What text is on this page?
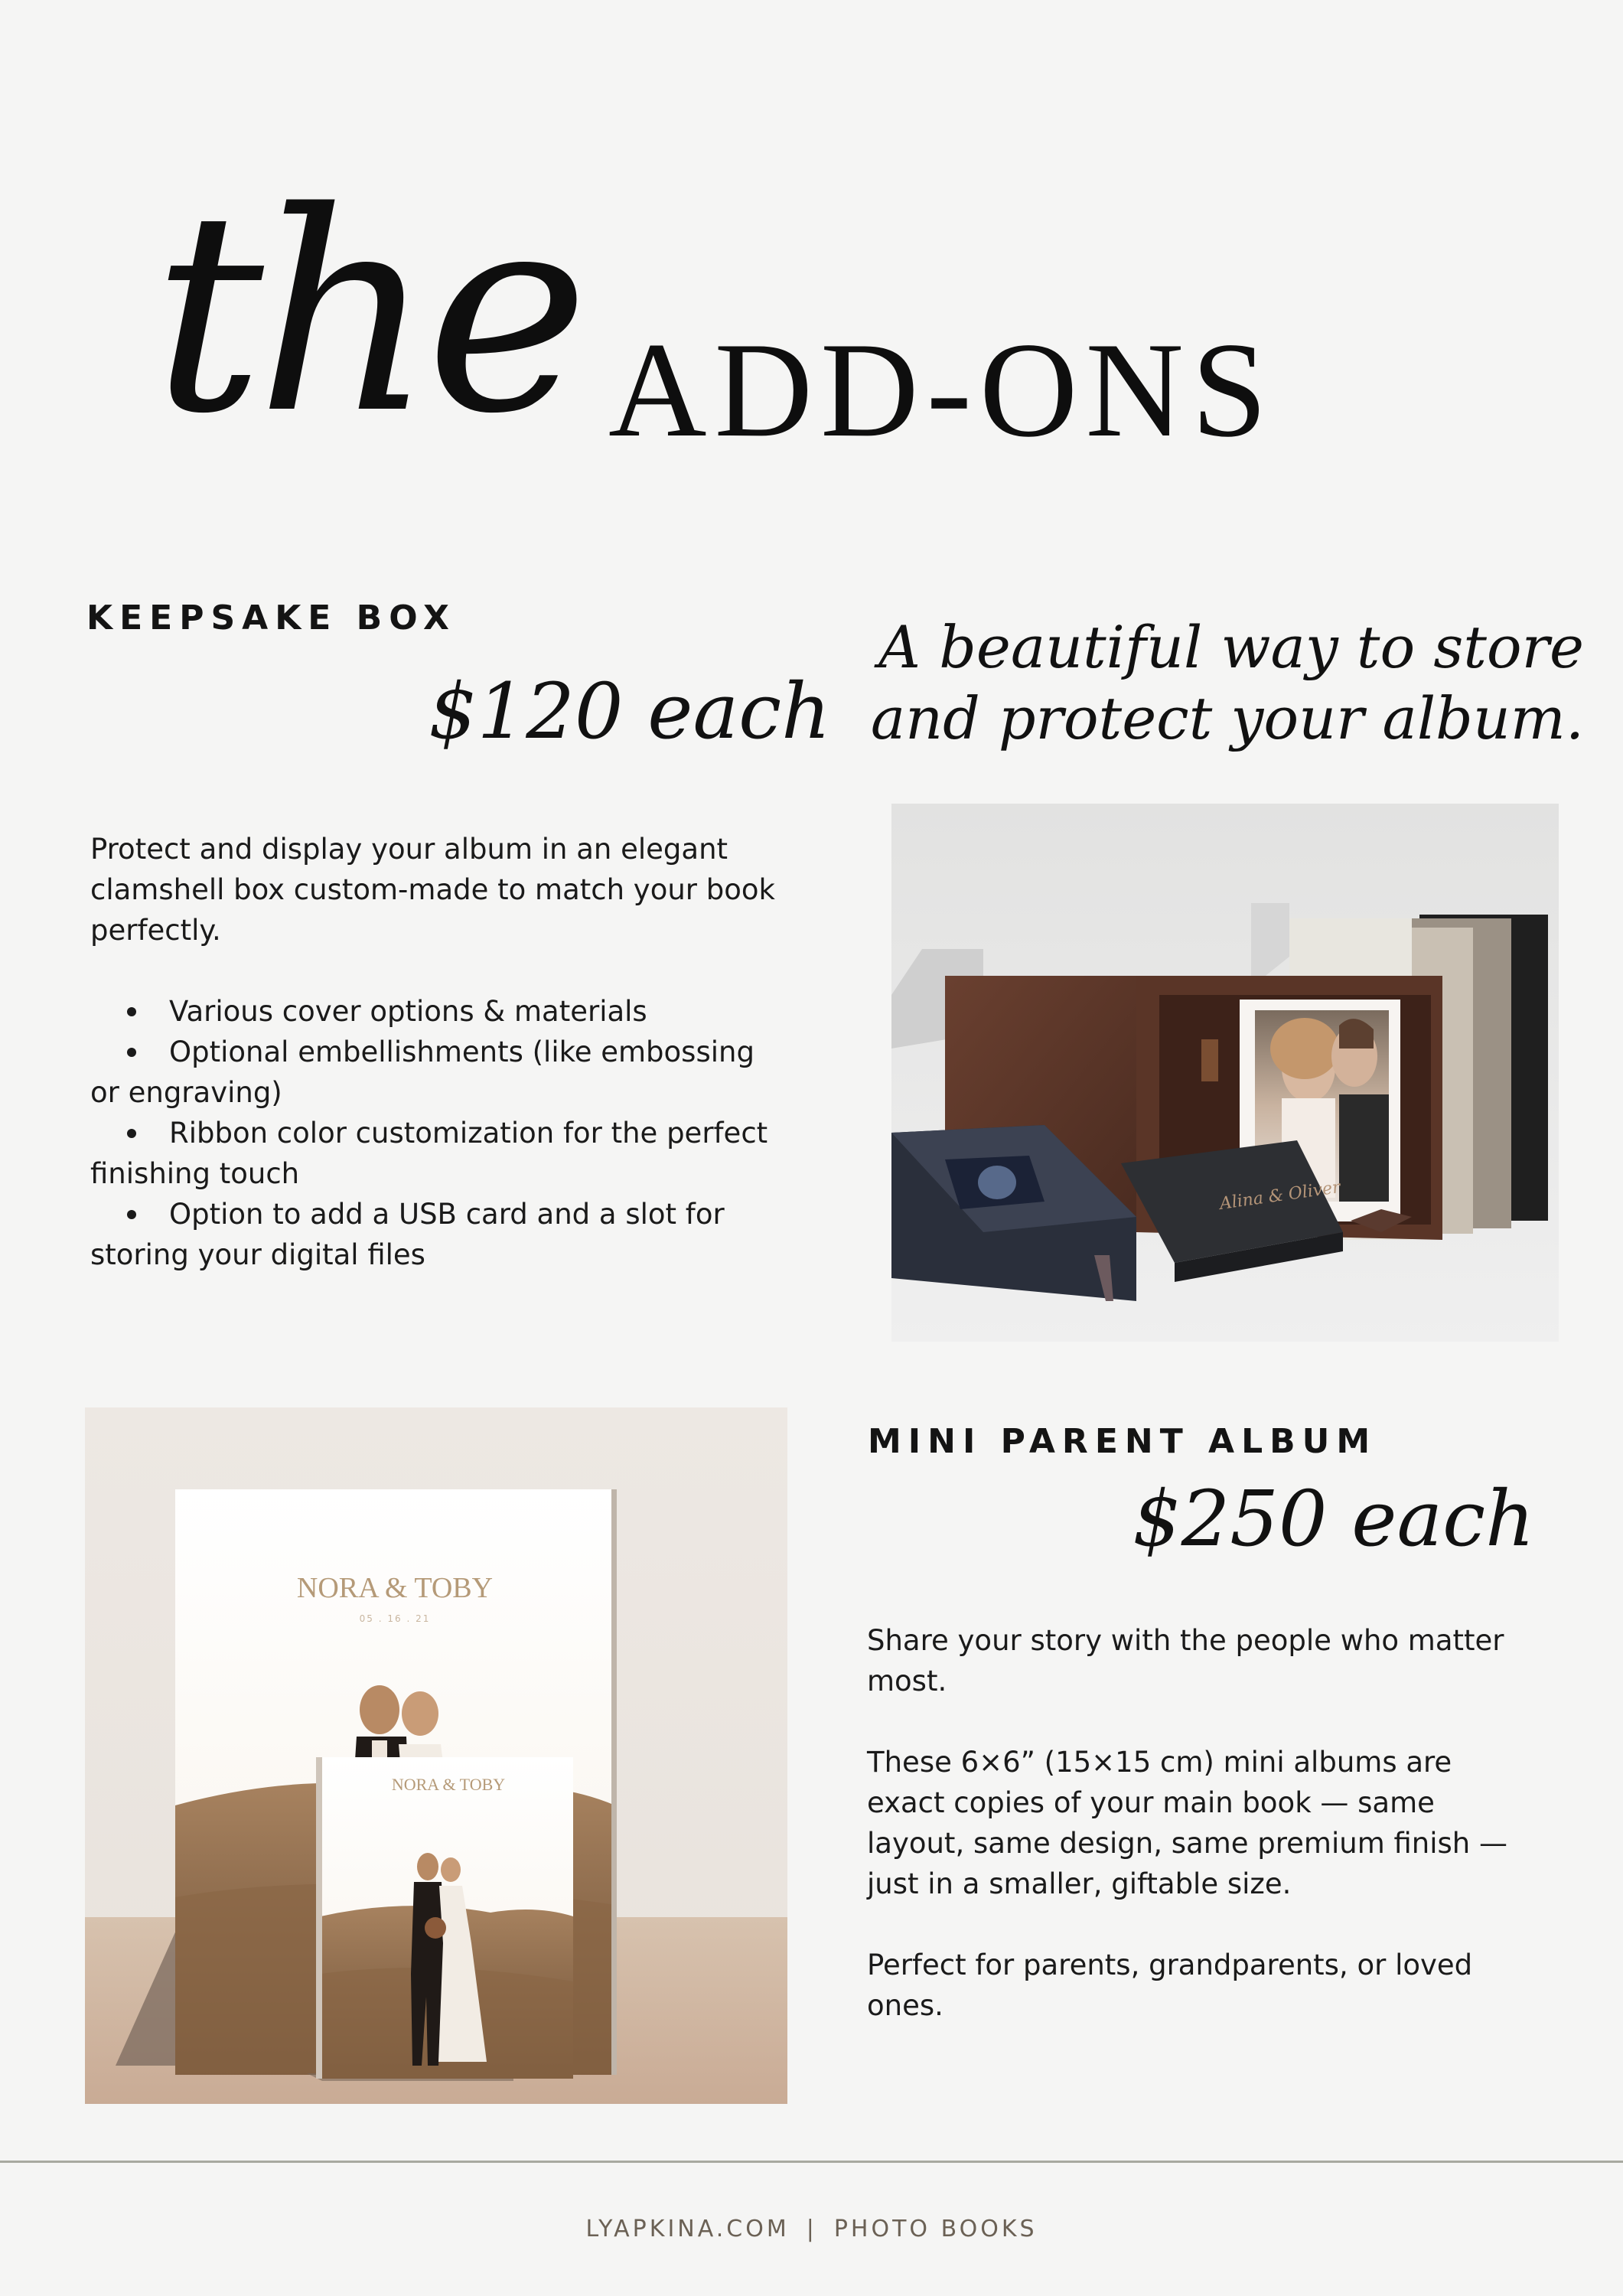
the ADD-ONS
KEEPSAKE BOX
$120 each
A beautiful way to store
and protect your album.

Protect and display your album in an elegant clamshell box custom-made to match your book perfectly.

Various cover options & materials
Optional embellishments (like embossing or engraving)
Ribbon color customization for the perfect finishing touch
Option to add a USB card and a slot for storing your digital files
Alina & Oliver
NORA & TOBY
05 . 16 . 21
NORA & TOBY
MINI PARENT ALBUM
$250 each

Share your story with the people who matter most.

These 6×6” (15×15 cm) mini albums are exact copies of your main book — same layout, same design, same premium finish — just in a smaller, giftable size.

Perfect for parents, grandparents, or loved ones.

LYAPKINA.COM | PHOTO BOOKS
